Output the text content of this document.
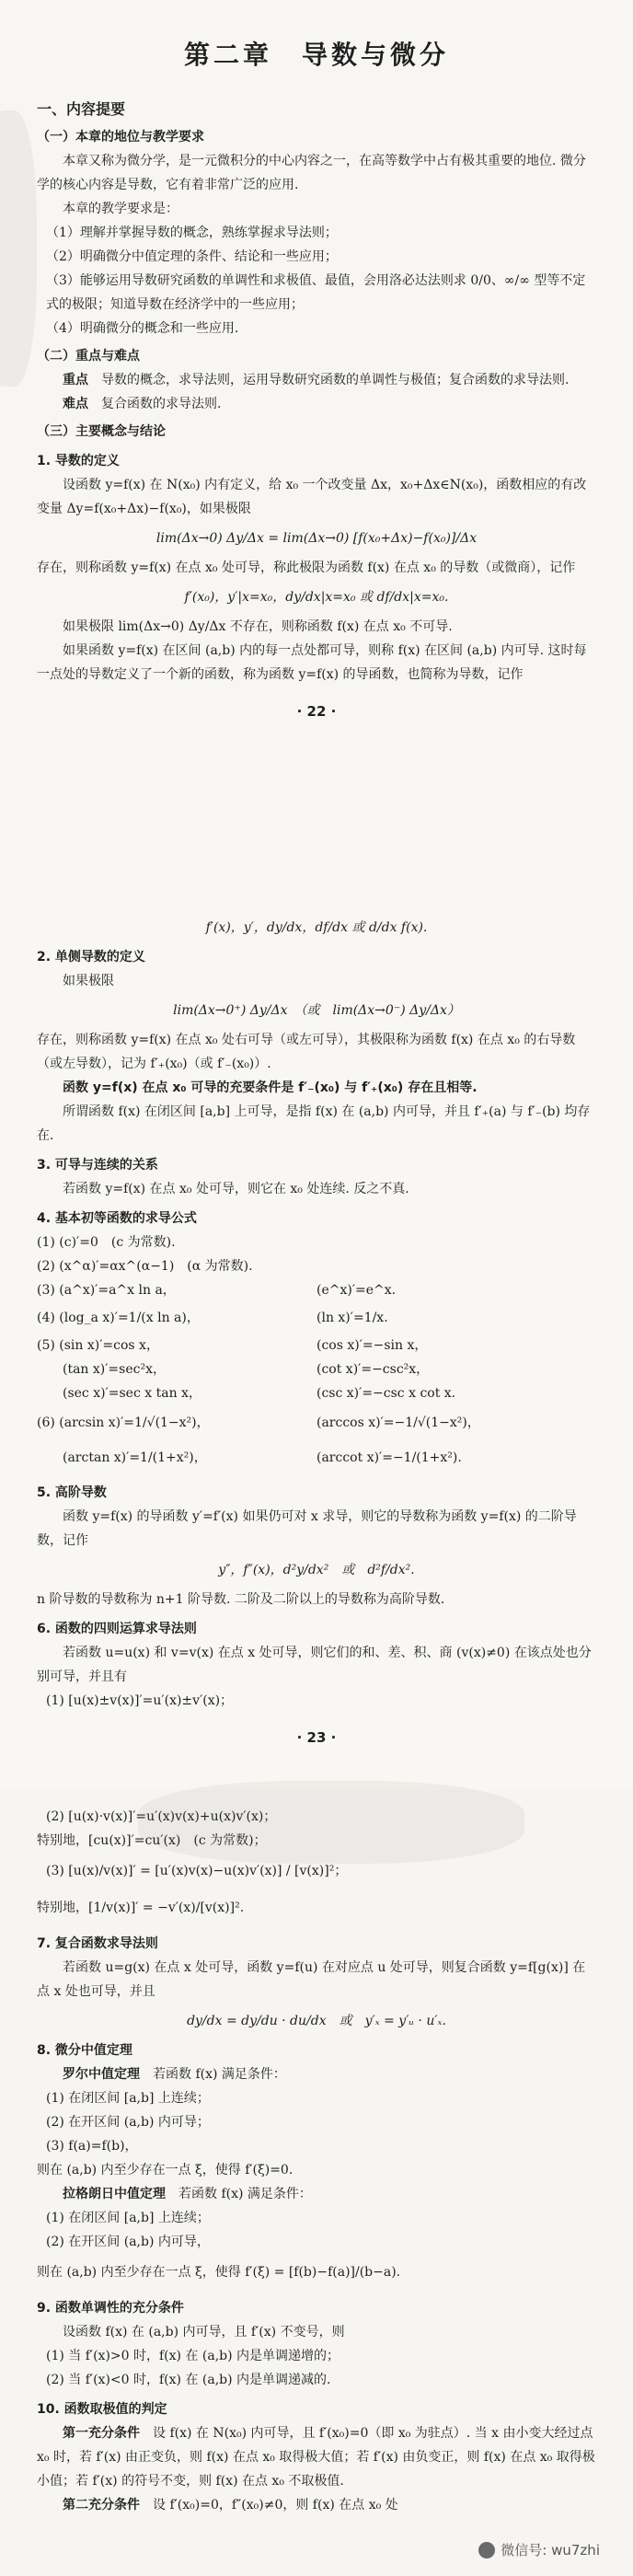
第二章　导数与微分
一、内容提要
（一）本章的地位与教学要求
本章又称为微分学，是一元微积分的中心内容之一，在高等数学中占有极其重要的地位. 微分学的核心内容是导数，它有着非常广泛的应用.
本章的教学要求是：
（1）理解并掌握导数的概念，熟练掌握求导法则；
（2）明确微分中值定理的条件、结论和一些应用；
（3）能够运用导数研究函数的单调性和求极值、最值，会用洛必达法则求 0/0、∞/∞ 型等不定式的极限；知道导数在经济学中的一些应用；
（4）明确微分的概念和一些应用.
（二）重点与难点
重点　 导数的概念，求导法则，运用导数研究函数的单调性与极值；复合函数的求导法则.
难点　 复合函数的求导法则.
（三）主要概念与结论
1. 导数的定义
设函数 y=f(x) 在 N(x₀) 内有定义，给 x₀ 一个改变量 Δx，x₀+Δx∈N(x₀)，函数相应的有改变量 Δy=f(x₀+Δx)−f(x₀)，如果极限
lim(Δx→0) Δy/Δx = lim(Δx→0) [f(x₀+Δx)−f(x₀)]/Δx
存在，则称函数 y=f(x) 在点 x₀ 处可导，称此极限为函数 f(x) 在点 x₀ 的导数（或微商），记作
f′(x₀)，y′|x=x₀，dy/dx|x=x₀ 或 df/dx|x=x₀.
如果极限 lim(Δx→0) Δy/Δx 不存在，则称函数 f(x) 在点 x₀ 不可导.
如果函数 y=f(x) 在区间 (a,b) 内的每一点处都可导，则称 f(x) 在区间 (a,b) 内可导. 这时每一点处的导数定义了一个新的函数，称为函数 y=f(x) 的导函数，也简称为导数，记作
· 22 ·
f′(x)，y′，dy/dx，df/dx 或 d/dx f(x).
2. 单侧导数的定义
如果极限
lim(Δx→0⁺) Δy/Δx　（或　lim(Δx→0⁻) Δy/Δx）
存在，则称函数 y=f(x) 在点 x₀ 处右可导（或左可导），其极限称为函数 f(x) 在点 x₀ 的右导数（或左导数），记为 f′₊(x₀)（或 f′₋(x₀)）.
函数 y=f(x) 在点 x₀ 可导的充要条件是 f′₋(x₀) 与 f′₊(x₀) 存在且相等.
所谓函数 f(x) 在闭区间 [a,b] 上可导，是指 f(x) 在 (a,b) 内可导，并且 f′₊(a) 与 f′₋(b) 均存在.
3. 可导与连续的关系
若函数 y=f(x) 在点 x₀ 处可导，则它在 x₀ 处连续. 反之不真.
4. 基本初等函数的求导公式
(1) (c)′=0　(c 为常数).
(2) (x^α)′=αx^(α−1)　(α 为常数).
(3) (a^x)′=a^x ln a，	(e^x)′=e^x.
(4) (log_a x)′=1/(x ln a)，	(ln x)′=1/x.
(5) (sin x)′=cos x，	(cos x)′=−sin x，
　　(tan x)′=sec²x，	(cot x)′=−csc²x，
　　(sec x)′=sec x tan x，	(csc x)′=−csc x cot x.
(6) (arcsin x)′=1/√(1−x²)，	(arccos x)′=−1/√(1−x²)，
　　(arctan x)′=1/(1+x²)，	(arccot x)′=−1/(1+x²).
5. 高阶导数
函数 y=f(x) 的导函数 y′=f′(x) 如果仍可对 x 求导，则它的导数称为函数 y=f(x) 的二阶导数，记作
y″，f″(x)，d²y/dx²　或　d²f/dx².
n 阶导数的导数称为 n+1 阶导数. 二阶及二阶以上的导数称为高阶导数.
6. 函数的四则运算求导法则
若函数 u=u(x) 和 v=v(x) 在点 x 处可导，则它们的和、差、积、商 (v(x)≠0) 在该点处也分别可导，并且有
(1) [u(x)±v(x)]′=u′(x)±v′(x)；
· 23 ·
(2) [u(x)·v(x)]′=u′(x)v(x)+u(x)v′(x)；
特别地，[cu(x)]′=cu′(x)　(c 为常数)；
(3) [u(x)/v(x)]′ = [u′(x)v(x)−u(x)v′(x)] / [v(x)]²；
特别地，[1/v(x)]′ = −v′(x)/[v(x)]².
7. 复合函数求导法则
若函数 u=g(x) 在点 x 处可导，函数 y=f(u) 在对应点 u 处可导，则复合函数 y=f[g(x)] 在点 x 处也可导，并且
dy/dx = dy/du · du/dx　或　y′ₓ = y′ᵤ · u′ₓ.
8. 微分中值定理
罗尔中值定理　 若函数 f(x) 满足条件：
(1) 在闭区间 [a,b] 上连续；
(2) 在开区间 (a,b) 内可导；
(3) f(a)=f(b)，
则在 (a,b) 内至少存在一点 ξ，使得 f′(ξ)=0.
拉格朗日中值定理　 若函数 f(x) 满足条件：
(1) 在闭区间 [a,b] 上连续；
(2) 在开区间 (a,b) 内可导，
则在 (a,b) 内至少存在一点 ξ，使得 f′(ξ) = [f(b)−f(a)]/(b−a).
9. 函数单调性的充分条件
设函数 f(x) 在 (a,b) 内可导，且 f′(x) 不变号，则
(1) 当 f′(x)>0 时，f(x) 在 (a,b) 内是单调递增的；
(2) 当 f′(x)<0 时，f(x) 在 (a,b) 内是单调递减的.
10. 函数取极值的判定
第一充分条件　 设 f(x) 在 N(x₀) 内可导，且 f′(x₀)=0（即 x₀ 为驻点）. 当 x 由小变大经过点 x₀ 时，若 f′(x) 由正变负，则 f(x) 在点 x₀ 取得极大值；若 f′(x) 由负变正，则 f(x) 在点 x₀ 取得极小值；若 f′(x) 的符号不变，则 f(x) 在点 x₀ 不取极值.
第二充分条件　 设 f′(x₀)=0，f″(x₀)≠0，则 f(x) 在点 x₀ 处
微信号: wu7zhi
